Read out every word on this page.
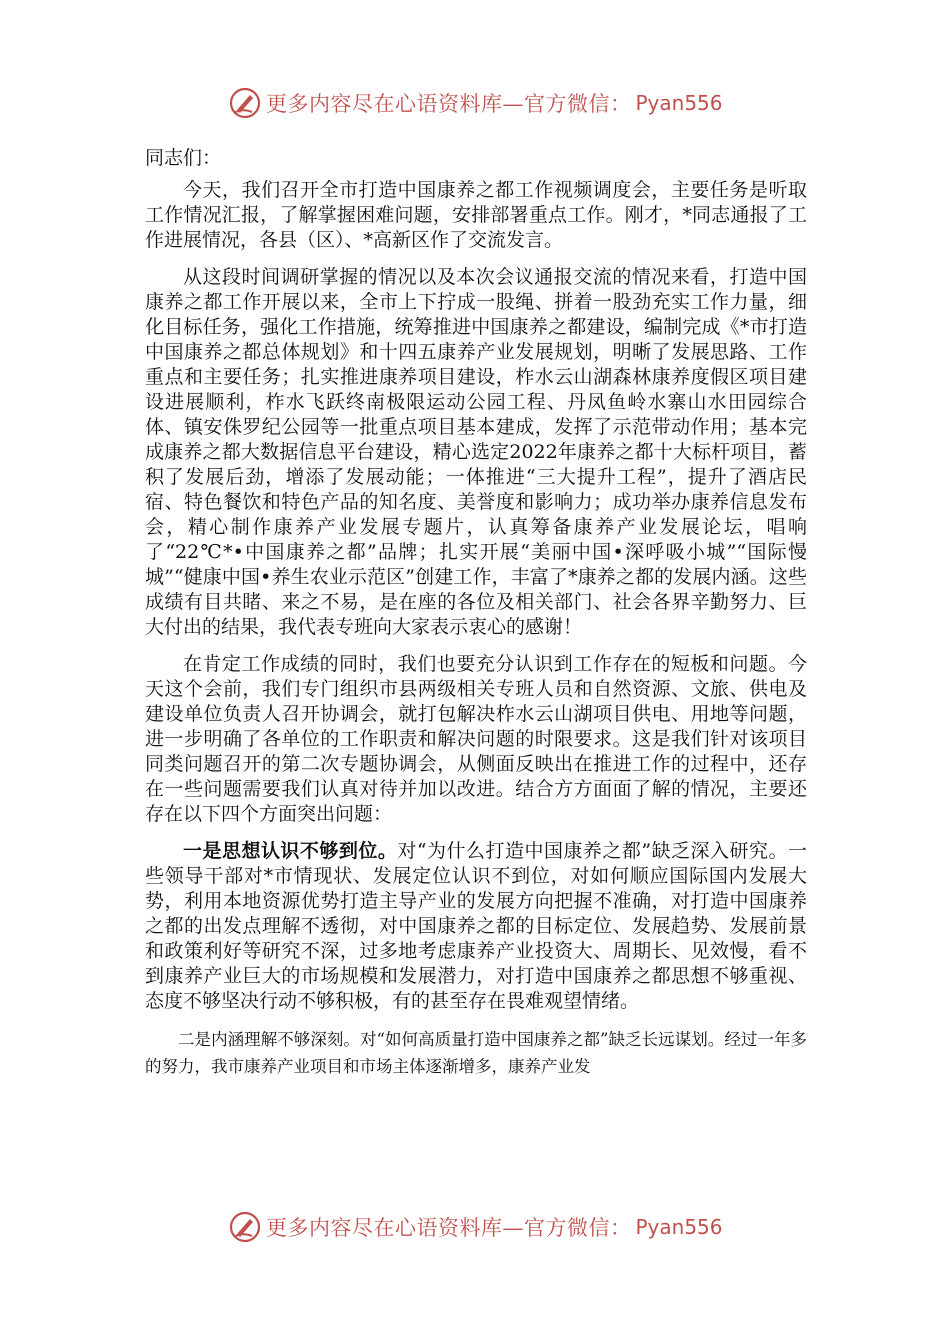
更多内容尽在心语资料库—官方微信： Pyan556
同志们：

今天，我们召开全市打造中国康养之都工作视频调度会，主要任务是听取工作情况汇报，了解掌握困难问题，安排部署重点工作。刚才，*同志通报了工作进展情况，各县（区）、*高新区作了交流发言。

从这段时间调研掌握的情况以及本次会议通报交流的情况来看，打造中国康养之都工作开展以来，全市上下拧成一股绳、拼着一股劲充实工作力量，细化目标任务，强化工作措施，统筹推进中国康养之都建设，编制完成《*市打造中国康养之都总体规划》和十四五康养产业发展规划，明晰了发展思路、工作重点和主要任务；扎实推进康养项目建设，柞水云山湖森林康养度假区项目建设进展顺利，柞水飞跃终南极限运动公园工程、丹凤鱼岭水寨山水田园综合体、镇安侏罗纪公园等一批重点项目基本建成，发挥了示范带动作用；基本完成康养之都大数据信息平台建设，精心选定2022年康养之都十大标杆项目，蓄积了发展后劲，增添了发展动能；一体推进“三大提升工程”，提升了酒店民宿、特色餐饮和特色产品的知名度、美誉度和影响力；成功举办康养信息发布会，精心制作康养产业发展专题片，认真筹备康养产业发展论坛，唱响了“22℃*•中国康养之都”品牌；扎实开展“美丽中国•深呼吸小城”“国际慢城”“健康中国•养生农业示范区”创建工作，丰富了*康养之都的发展内涵。这些成绩有目共睹、来之不易，是在座的各位及相关部门、社会各界辛勤努力、巨大付出的结果，我代表专班向大家表示衷心的感谢！

在肯定工作成绩的同时，我们也要充分认识到工作存在的短板和问题。今天这个会前，我们专门组织市县两级相关专班人员和自然资源、文旅、供电及建设单位负责人召开协调会，就打包解决柞水云山湖项目供电、用地等问题，进一步明确了各单位的工作职责和解决问题的时限要求。这是我们针对该项目同类问题召开的第二次专题协调会，从侧面反映出在推进工作的过程中，还存在一些问题需要我们认真对待并加以改进。结合方方面面了解的情况，主要还存在以下四个方面突出问题：

一是思想认识不够到位。对“为什么打造中国康养之都”缺乏深入研究。一些领导干部对*市情现状、发展定位认识不到位，对如何顺应国际国内发展大势，利用本地资源优势打造主导产业的发展方向把握不准确，对打造中国康养之都的出发点理解不透彻，对中国康养之都的目标定位、发展趋势、发展前景和政策利好等研究不深，过多地考虑康养产业投资大、周期长、见效慢，看不到康养产业巨大的市场规模和发展潜力，对打造中国康养之都思想不够重视、态度不够坚决行动不够积极，有的甚至存在畏难观望情绪。

二是内涵理解不够深刻。对“如何高质量打造中国康养之都”缺乏长远谋划。经过一年多的努力，我市康养产业项目和市场主体逐渐增多，康养产业发

更多内容尽在心语资料库—官方微信： Pyan556
